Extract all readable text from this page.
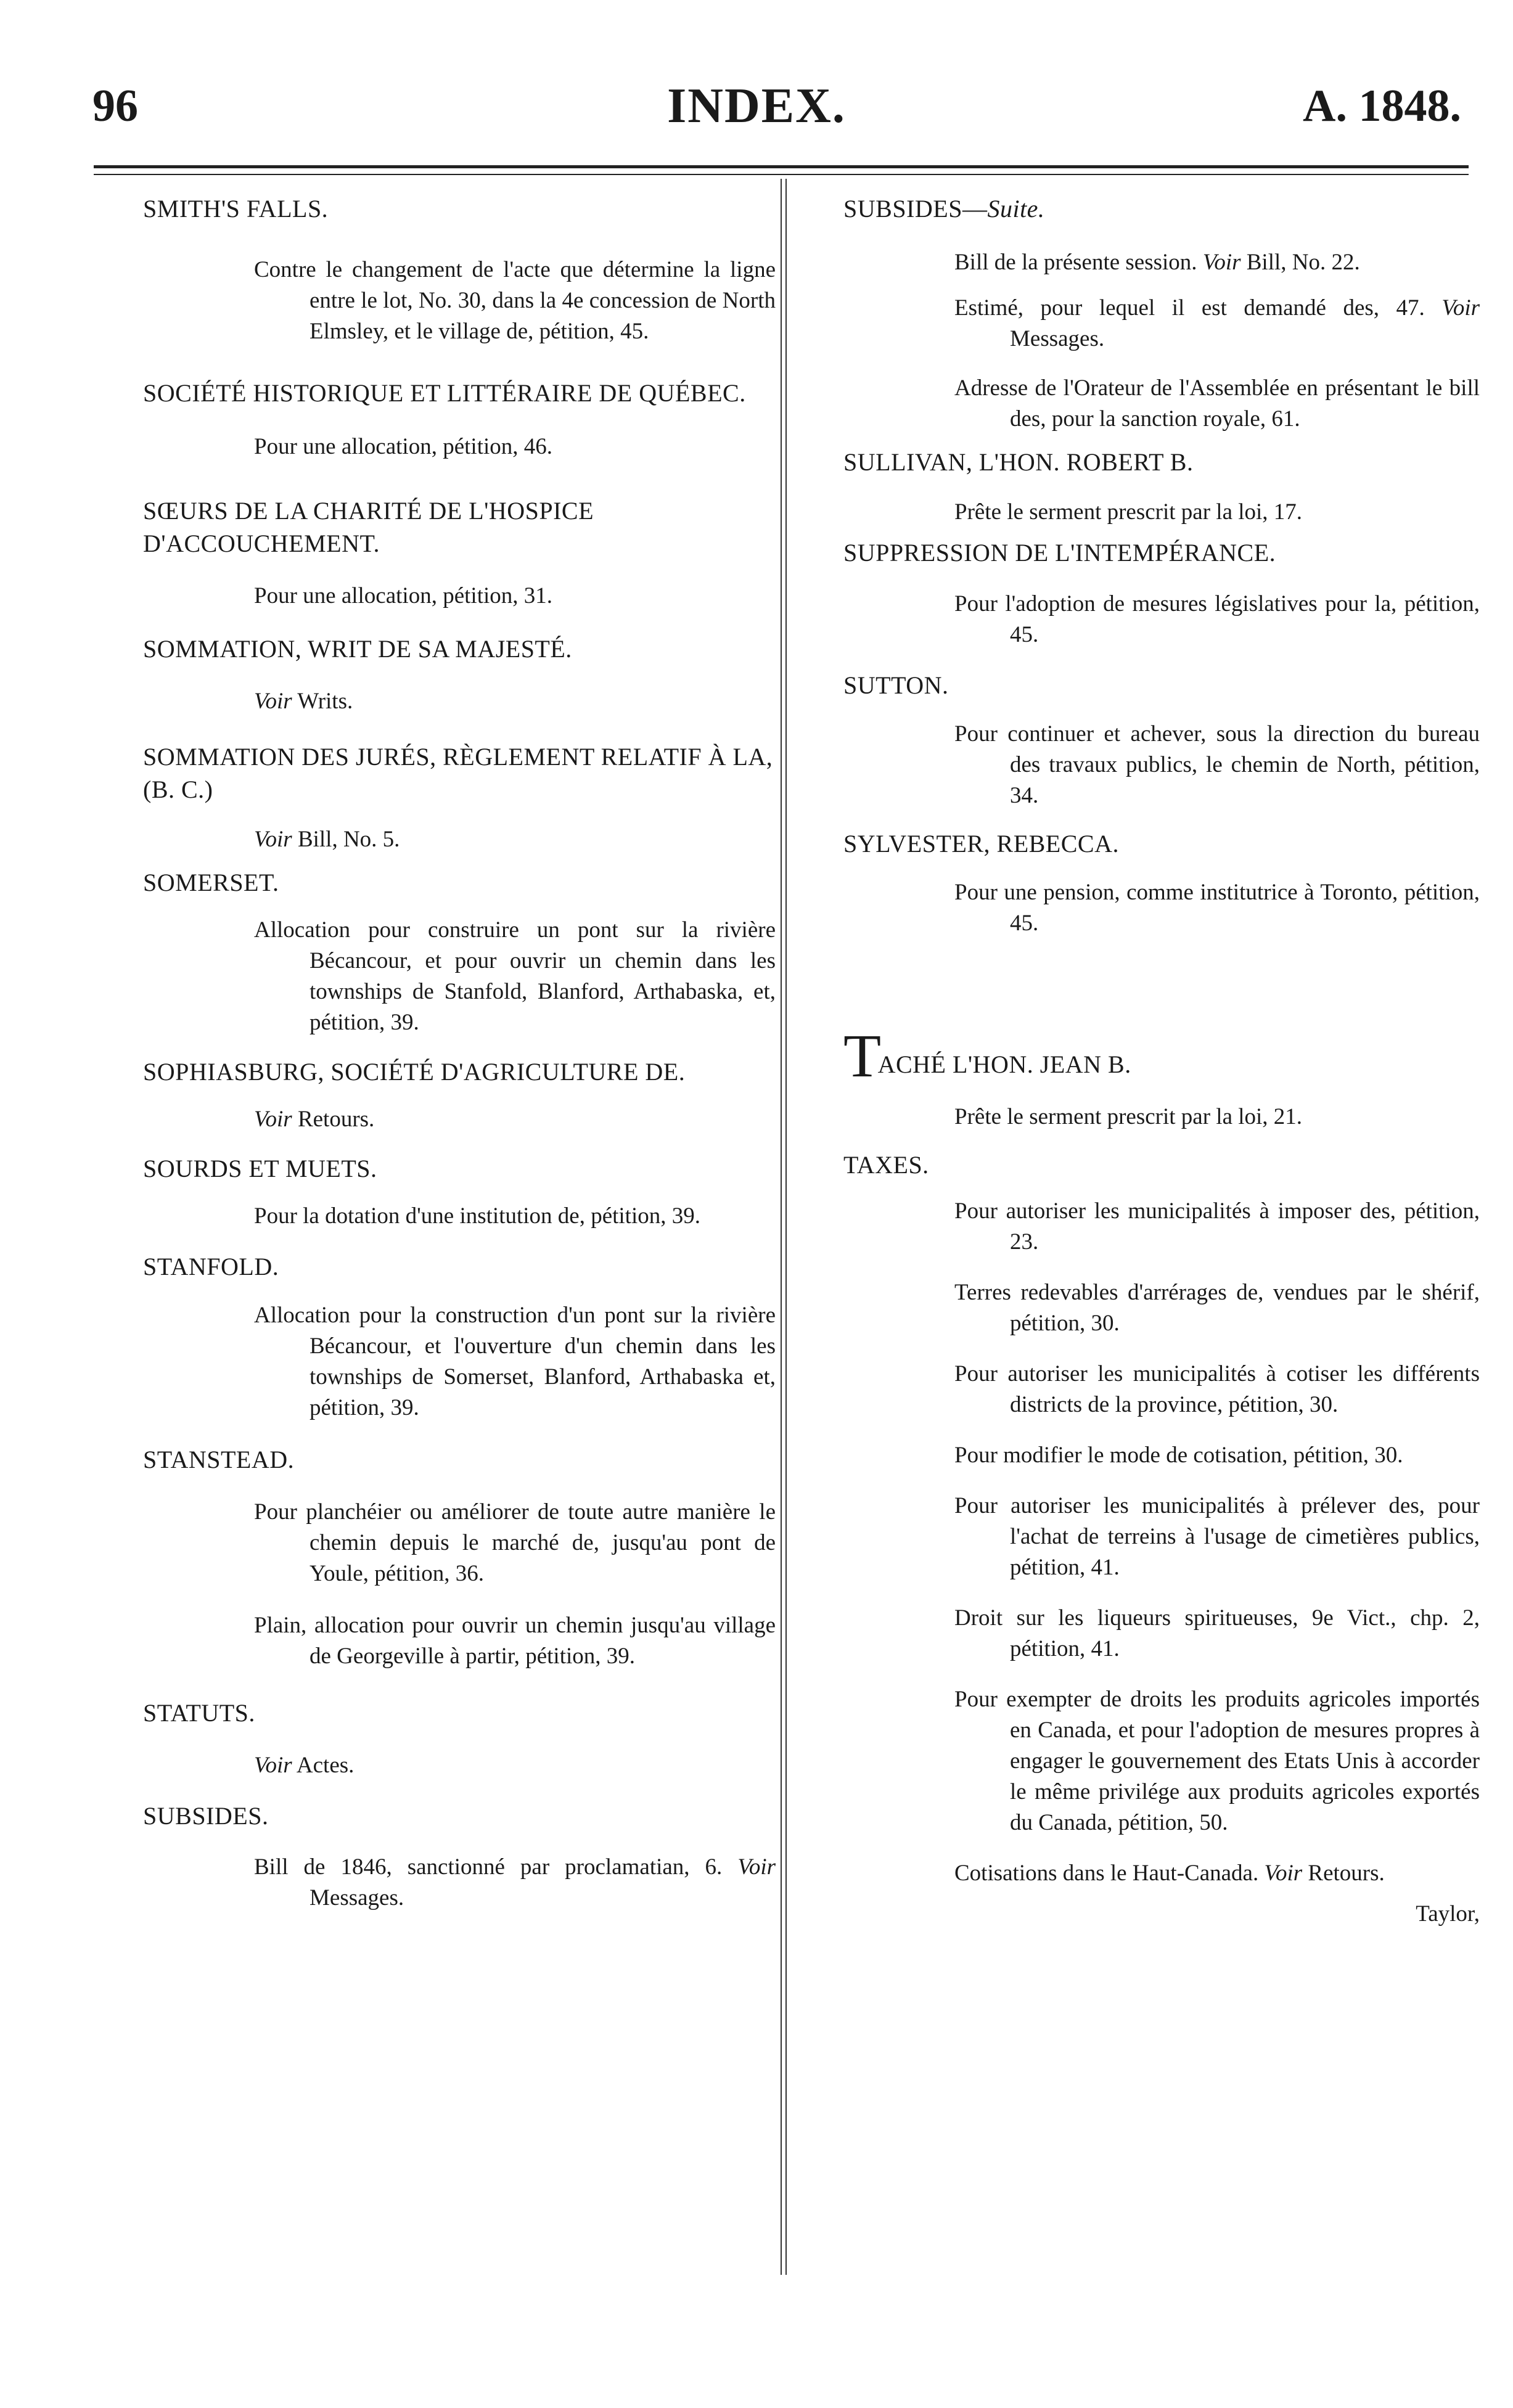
96	INDEX.	A. 1848.
SMITH'S FALLS.
Contre le changement de l'acte que détermine la ligne entre le lot, No. 30, dans la 4e concession de North Elmsley, et le village de, pétition, 45.
SOCIÉTÉ HISTORIQUE ET LITTÉRAIRE DE QUÉBEC.
Pour une allocation, pétition, 46.
SŒURS DE LA CHARITÉ DE L'HOSPICE D'ACCOUCHEMENT.
Pour une allocation, pétition, 31.
SOMMATION, WRIT DE SA MAJESTÉ.
Voir Writs.
SOMMATION DES JURÉS, RÈGLEMENT RELATIF À LA, (B. C.)
Voir Bill, No. 5.
SOMERSET.
Allocation pour construire un pont sur la rivière Bécancour, et pour ouvrir un chemin dans les townships de Stanfold, Blanford, Arthabaska, et, pétition, 39.
SOPHIASBURG, SOCIÉTÉ D'AGRICULTURE DE.
Voir Retours.
SOURDS ET MUETS.
Pour la dotation d'une institution de, pétition, 39.
STANFOLD.
Allocation pour la construction d'un pont sur la rivière Bécancour, et l'ouverture d'un chemin dans les townships de Somerset, Blanford, Arthabaska et, pétition, 39.
STANSTEAD.
Pour planchéier ou améliorer de toute autre manière le chemin depuis le marché de, jusqu'au pont de Youle, pétition, 36.
Plain, allocation pour ouvrir un chemin jusqu'au village de Georgeville à partir, pétition, 39.
STATUTS.
Voir Actes.
SUBSIDES.
Bill de 1846, sanctionné par proclamatian, 6. Voir Messages.
SUBSIDES—Suite.
Bill de la présente session. Voir Bill, No. 22.
Estimé, pour lequel il est demandé des, 47. Voir Messages.
Adresse de l'Orateur de l'Assemblée en présentant le bill des, pour la sanction royale, 61.
SULLIVAN, L'HON. ROBERT B.
Prête le serment prescrit par la loi, 17.
SUPPRESSION DE L'INTEMPÉRANCE.
Pour l'adoption de mesures législatives pour la, pétition, 45.
SUTTON.
Pour continuer et achever, sous la direction du bureau des travaux publics, le chemin de North, pétition, 34.
SYLVESTER, REBECCA.
Pour une pension, comme institutrice à Toronto, pétition, 45.
TACHÉ L'HON. JEAN B.
Prête le serment prescrit par la loi, 21.
TAXES.
Pour autoriser les municipalités à imposer des, pétition, 23.
Terres redevables d'arrérages de, vendues par le shérif, pétition, 30.
Pour autoriser les municipalités à cotiser les différents districts de la province, pétition, 30.
Pour modifier le mode de cotisation, pétition, 30.
Pour autoriser les municipalités à prélever des, pour l'achat de terreins à l'usage de cimetières publics, pétition, 41.
Droit sur les liqueurs spiritueuses, 9e Vict., chp. 2, pétition, 41.
Pour exempter de droits les produits agricoles importés en Canada, et pour l'adoption de mesures propres à engager le gouvernement des Etats Unis à accorder le même privilége aux produits agricoles exportés du Canada, pétition, 50.
Cotisations dans le Haut-Canada. Voir Retours.
Taylor,
